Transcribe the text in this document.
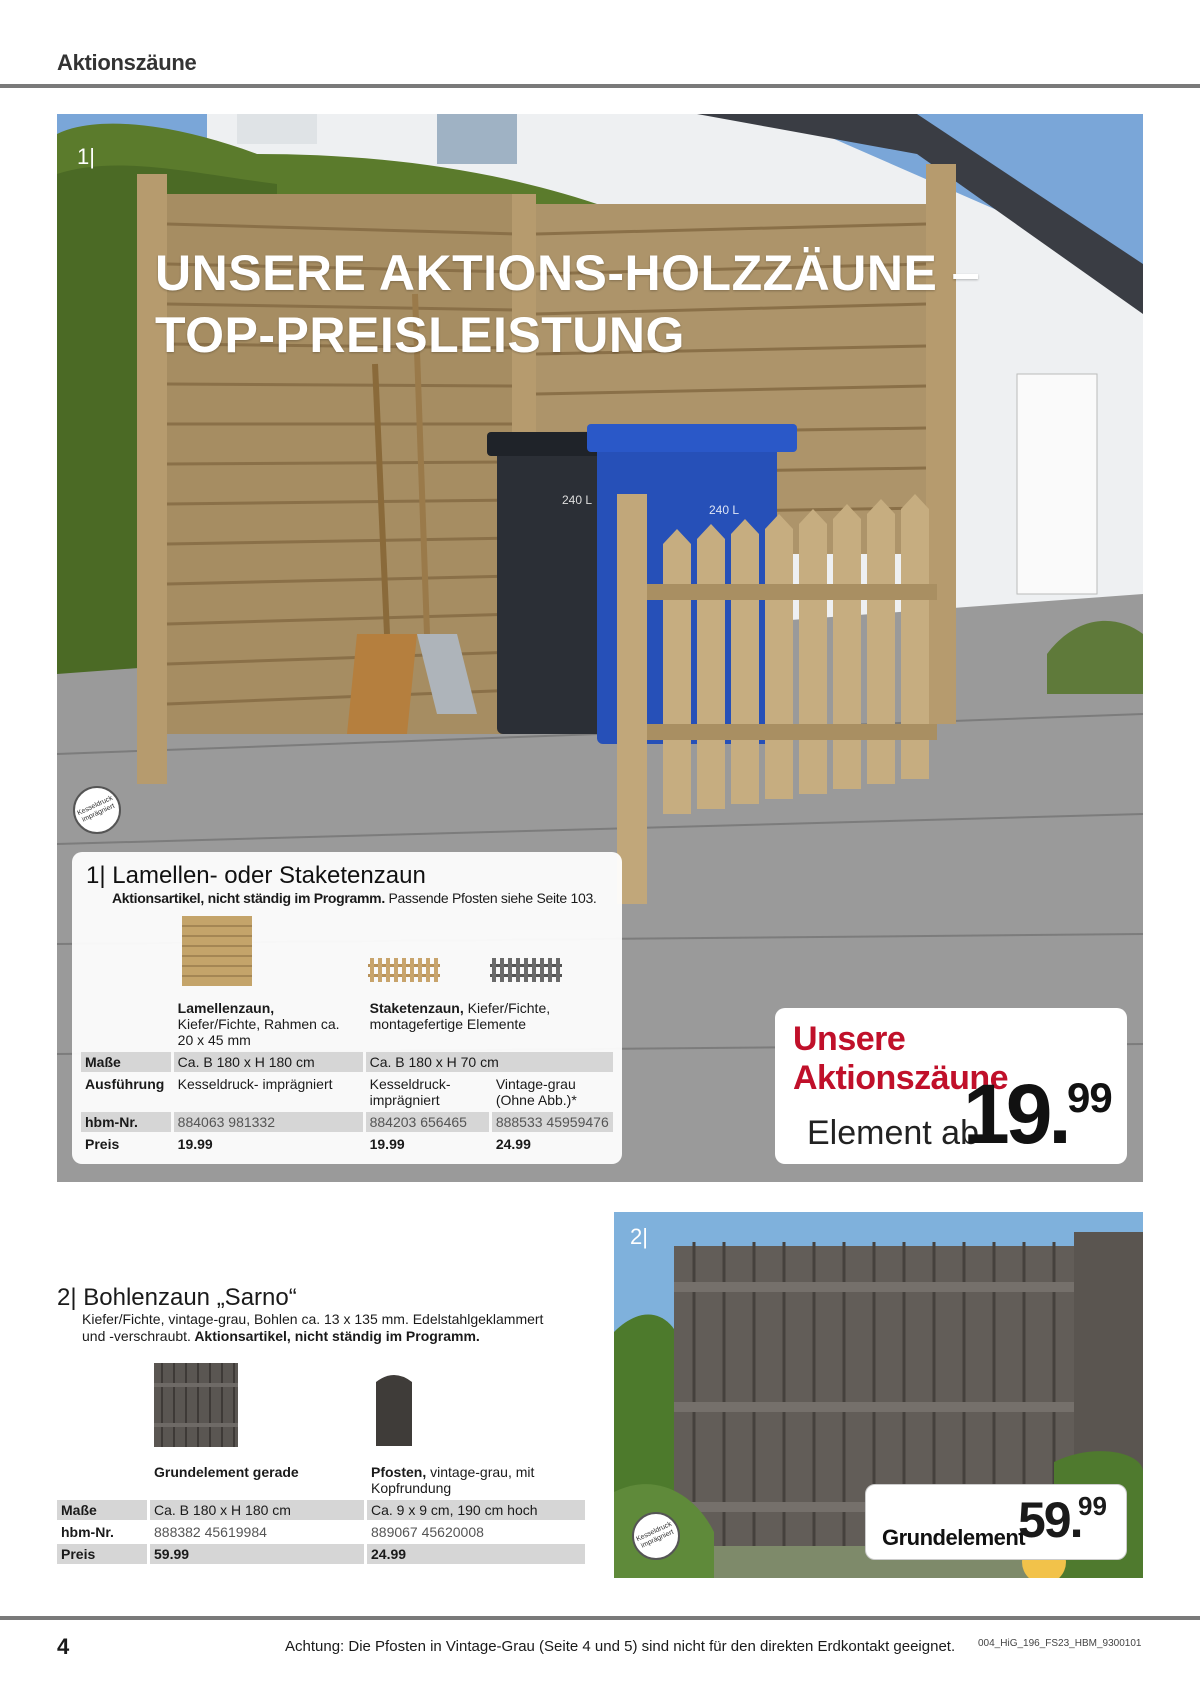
Aktionszäune
240 L
240 L
1|
UNSERE AKTIONS-HOLZZÄUNE –
TOP-PREISLEISTUNG
Kesseldruck imprägniert
1| Lamellen- oder Staketenzaun
Aktionsartikel, nicht ständig im Programm. Passende Pfosten siehe Seite 103.
	Lamellenzaun, Kiefer/Fichte, Rahmen ca. 20 x 45 mm	Staketenzaun, Kiefer/Fichte, montagefertige Elemente	
Maße	Ca. B 180 x H 180 cm	Ca. B 180 x H 70 cm	
Ausführung	Kesseldruck- imprägniert	Kesseldruck- imprägniert	Vintage-grau (Ohne Abb.)*
hbm-Nr.	884063 981332	884203 656465	888533 45959476
Preis	19.99	19.99	24.99
Unsere Aktionszäune
Element ab
19. 99
2| Bohlenzaun „Sarno“
Kiefer/Fichte, vintage-grau, Bohlen ca. 13 x 135 mm. Edelstahlgeklammert und -verschraubt. Aktionsartikel, nicht ständig im Programm.
	Grundelement gerade	Pfosten, vintage-grau, mit Kopfrundung
Maße	Ca. B 180 x H 180 cm	Ca. 9 x 9 cm, 190 cm hoch
hbm-Nr.	888382 45619984	889067 45620008
Preis	59.99	24.99
2|
Kesseldruck imprägniert	Grundelement
59.
99
4	Achtung: Die Pfosten in Vintage-Grau (Seite 4 und 5) sind nicht für den direkten Erdkontakt geeignet. 004_HiG_196_FS23_HBM_9300101
